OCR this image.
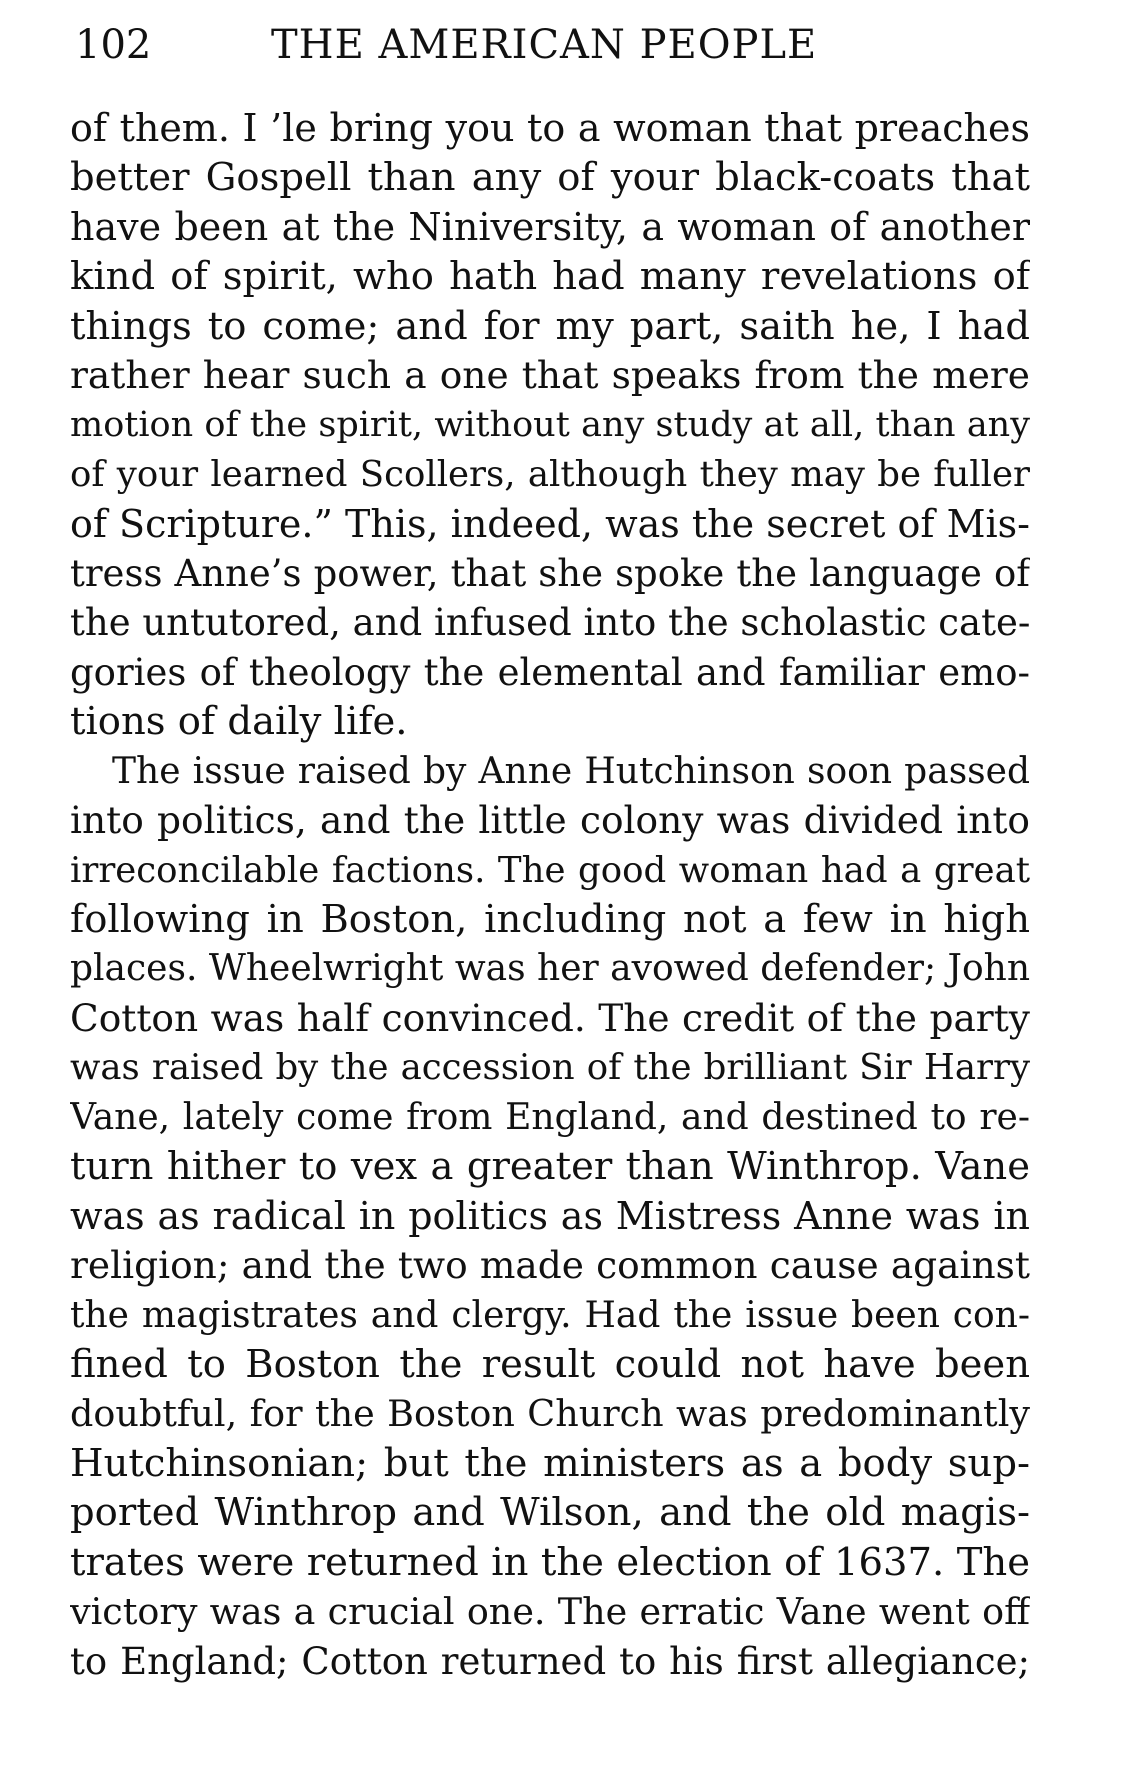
102	THE AMERICAN PEOPLE
of them. I ’le bring you to a woman that preaches
better Gospell than any of your black-coats that
have been at the Niniversity, a woman of another
kind of spirit, who hath had many revelations of
things to come; and for my part, saith he, I had
rather hear such a one that speaks from the mere
motion of the spirit, without any study at all, than any
of your learned Scollers, although they may be fuller
of Scripture.” This, indeed, was the secret of Mis-
tress Anne’s power, that she spoke the language of
the untutored, and infused into the scholastic cate-
gories of theology the elemental and familiar emo-
tions of daily life.
The issue raised by Anne Hutchinson soon passed
into politics, and the little colony was divided into
irreconcilable factions. The good woman had a great
following in Boston, including not a few in high
places. Wheelwright was her avowed defender; John
Cotton was half convinced. The credit of the party
was raised by the accession of the brilliant Sir Harry
Vane, lately come from England, and destined to re-
turn hither to vex a greater than Winthrop. Vane
was as radical in politics as Mistress Anne was in
religion; and the two made common cause against
the magistrates and clergy. Had the issue been con-
fined to Boston the result could not have been
doubtful, for the Boston Church was predominantly
Hutchinsonian; but the ministers as a body sup-
ported Winthrop and Wilson, and the old magis-
trates were returned in the election of 1637. The
victory was a crucial one. The erratic Vane went off
to England; Cotton returned to his first allegiance;
